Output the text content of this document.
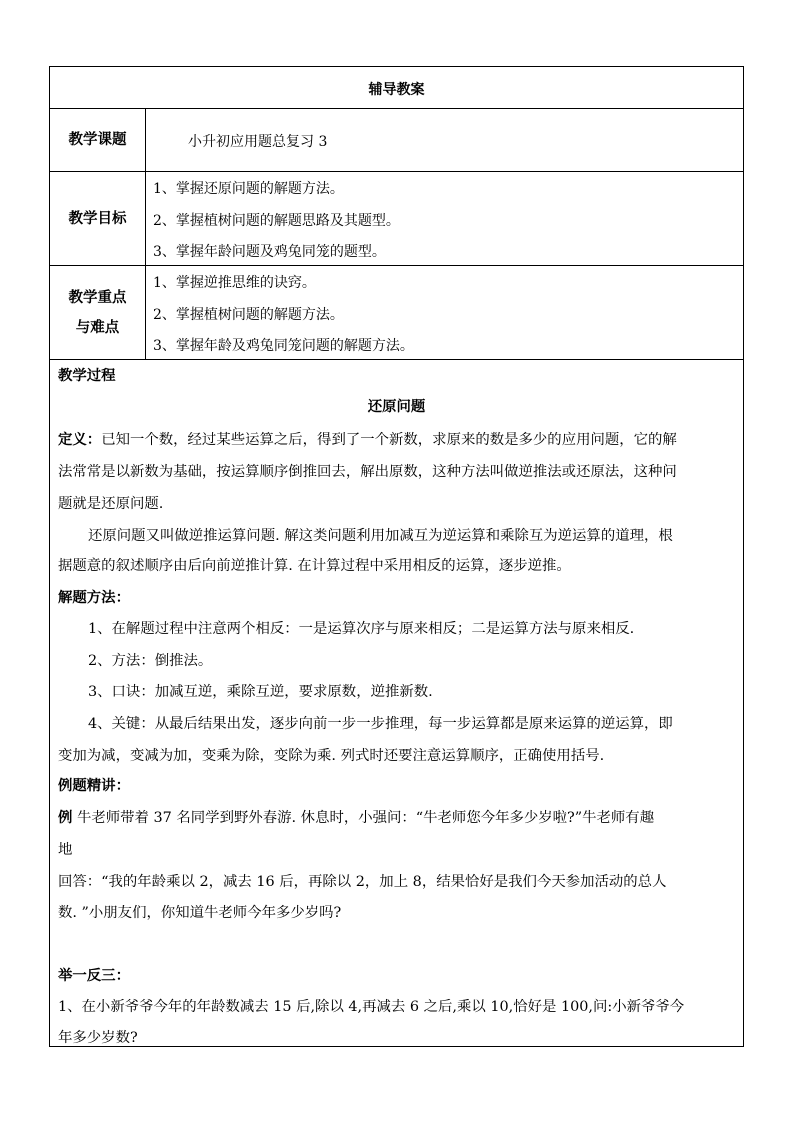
辅导教案
教学课题	小升初应用题总复习 3
教学目标
1、掌握还原问题的解题方法。
2、掌握植树问题的解题思路及其题型。
3、掌握年龄问题及鸡兔同笼的题型。
教学重点
与难点
1、掌握逆推思维的诀窍。
2、掌握植树问题的解题方法。
3、掌握年龄及鸡兔同笼问题的解题方法。
教学过程
还原问题
定义：已知一个数，经过某些运算之后，得到了一个新数，求原来的数是多少的应用问题，它的解
法常常是以新数为基础，按运算顺序倒推回去，解出原数，这种方法叫做逆推法或还原法，这种问
题就是还原问题.
还原问题又叫做逆推运算问题. 解这类问题利用加减互为逆运算和乘除互为逆运算的道理，根
据题意的叙述顺序由后向前逆推计算. 在计算过程中采用相反的运算，逐步逆推。
解题方法：
1、在解题过程中注意两个相反：一是运算次序与原来相反；二是运算方法与原来相反.
2、方法：倒推法。
3、口诀：加减互逆，乘除互逆，要求原数，逆推新数.
4、关键：从最后结果出发，逐步向前一步一步推理，每一步运算都是原来运算的逆运算，即
变加为减，变减为加，变乘为除，变除为乘. 列式时还要注意运算顺序，正确使用括号.
例题精讲：
例 牛老师带着 37 名同学到野外春游. 休息时，小强问：“牛老师您今年多少岁啦?”牛老师有趣
地
回答：“我的年龄乘以 2，减去 16 后，再除以 2，加上 8，结果恰好是我们今天参加活动的总人
数. ”小朋友们，你知道牛老师今年多少岁吗?
举一反三：
1、在小新爷爷今年的年龄数减去 15 后,除以 4,再减去 6 之后,乘以 10,恰好是 100,问:小新爷爷今
年多少岁数?
